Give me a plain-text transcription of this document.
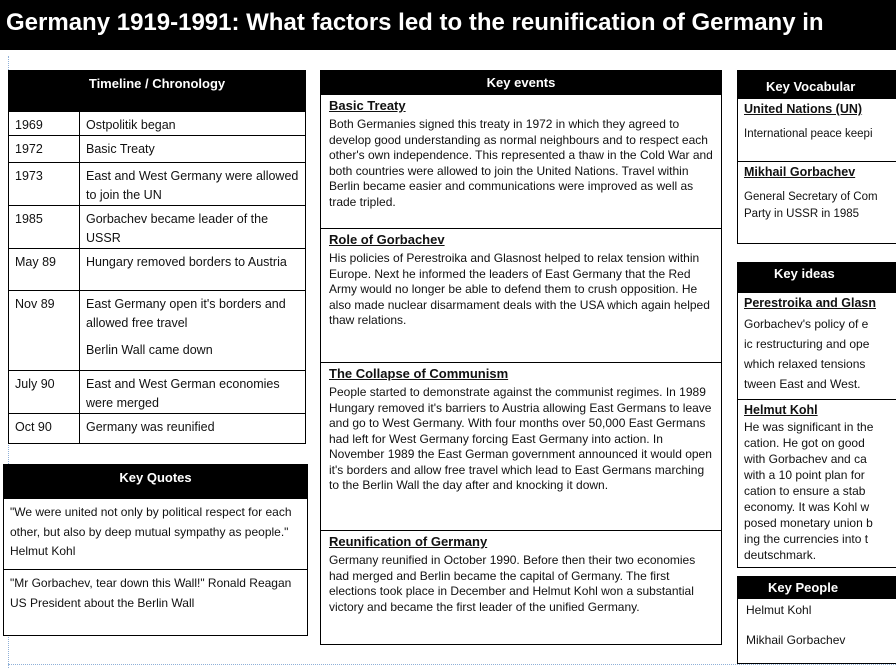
Germany 1919-1991: What factors led to the reunification of Germany in
Timeline / Chronology
1969	Ostpolitik began
1972	Basic Treaty
1973	East and West Germany were allowed to join the UN
1985	Gorbachev became leader of the USSR
May 89	Hungary removed borders to Austria
Nov 89	East Germany open it's borders and allowed free travel
Berlin Wall came down

July 90	East and West German economies were merged
Oct 90	Germany was reunified
Key Quotes
"We were united not only by political respect for each other, but also by deep mutual sympathy as people." Helmut Kohl
"Mr Gorbachev, tear down this Wall!" Ronald Reagan US President about the Berlin Wall
Key events
Basic Treaty

Both Germanies signed this treaty in 1972 in which they agreed to develop good understanding as normal neighbours and to respect each other's own independence. This represented a thaw in the Cold War and both countries were allowed to join the United Nations. Travel within Berlin became easier and communications were improved as well as trade tripled.

Role of Gorbachev

His policies of Perestroika and Glasnost helped to relax tension within Europe. Next he informed the leaders of East Germany that the Red Army would no longer be able to defend them to crush opposition. He also made nuclear disarmament deals with the USA which again helped thaw relations.

The Collapse of Communism

People started to demonstrate against the communist regimes. In 1989 Hungary removed it's barriers to Austria allowing East Germans to leave and go to West Germany. With four months over 50,000 East Germans had left for West Germany forcing East Germany into action. In November 1989 the East German government announced it would open it's borders and allow free travel which lead to East Germans marching to the Berlin Wall the day after and knocking it down.

Reunification of Germany

Germany reunified in October 1990. Before then their two economies had merged and Berlin became the capital of Germany. The first elections took place in December and Helmut Kohl won a substantial victory and became the first leader of the unified Germany.

Key Vocabular
United Nations (UN)

International peace keepi

Mikhail Gorbachev

General Secretary of Com

Party in USSR in 1985

Key ideas
Perestroika and Glasn

Gorbachev's policy of e

ic restructuring and ope

which relaxed tensions

tween East and West.

Helmut Kohl

He was significant in the

cation. He got on good

with Gorbachev and ca

with a 10 point plan for

cation to ensure a stab

economy. It was Kohl w

posed monetary union b

ing the currencies into t

deutschmark.

Key People
Helmut Kohl
Mikhail Gorbachev
